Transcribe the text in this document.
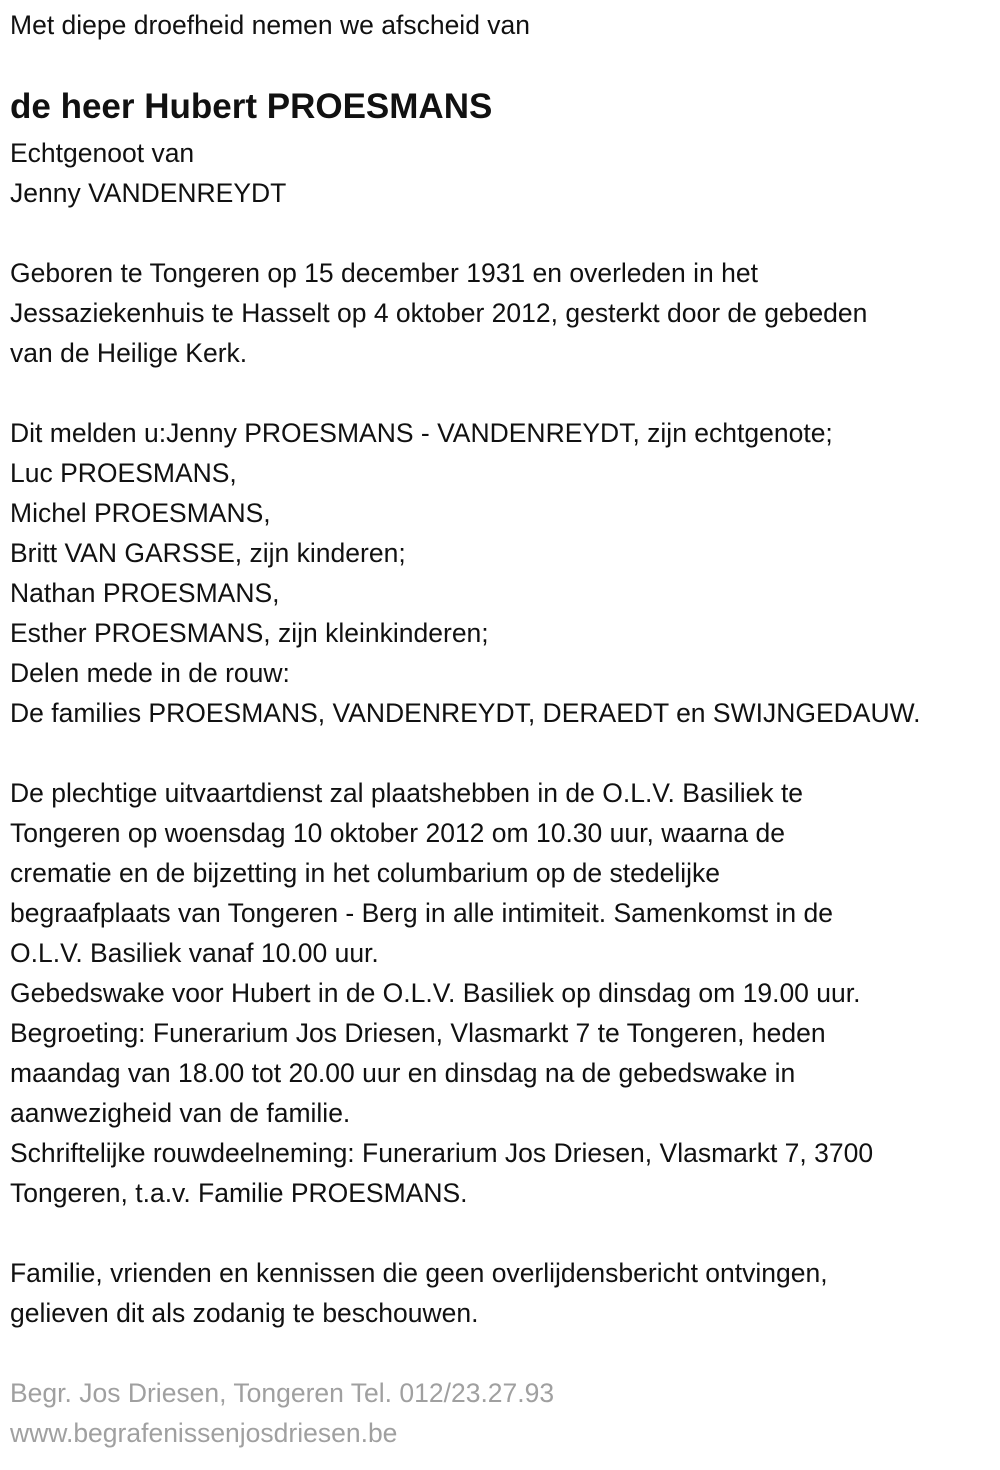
Met diepe droefheid nemen we afscheid van
de heer Hubert PROESMANS
Echtgenoot van
Jenny VANDENREYDT
Geboren te Tongeren op 15 december 1931 en overleden in het
Jessaziekenhuis te Hasselt op 4 oktober 2012, gesterkt door de gebeden
van de Heilige Kerk.
Dit melden u:Jenny PROESMANS - VANDENREYDT, zijn echtgenote;
Luc PROESMANS,
Michel PROESMANS,
Britt VAN GARSSE, zijn kinderen;
Nathan PROESMANS,
Esther PROESMANS, zijn kleinkinderen;
Delen mede in de rouw:
De families PROESMANS, VANDENREYDT, DERAEDT en SWIJNGEDAUW.
De plechtige uitvaartdienst zal plaatshebben in de O.L.V. Basiliek te
Tongeren op woensdag 10 oktober 2012 om 10.30 uur, waarna de
crematie en de bijzetting in het columbarium op de stedelijke
begraafplaats van Tongeren - Berg in alle intimiteit. Samenkomst in de
O.L.V. Basiliek vanaf 10.00 uur.
Gebedswake voor Hubert in de O.L.V. Basiliek op dinsdag om 19.00 uur.
Begroeting: Funerarium Jos Driesen, Vlasmarkt 7 te Tongeren, heden
maandag van 18.00 tot 20.00 uur en dinsdag na de gebedswake in
aanwezigheid van de familie.
Schriftelijke rouwdeelneming: Funerarium Jos Driesen, Vlasmarkt 7, 3700
Tongeren, t.a.v. Familie PROESMANS.
Familie, vrienden en kennissen die geen overlijdensbericht ontvingen,
gelieven dit als zodanig te beschouwen.
Begr. Jos Driesen, Tongeren Tel. 012/23.27.93
www.begrafenissenjosdriesen.be
